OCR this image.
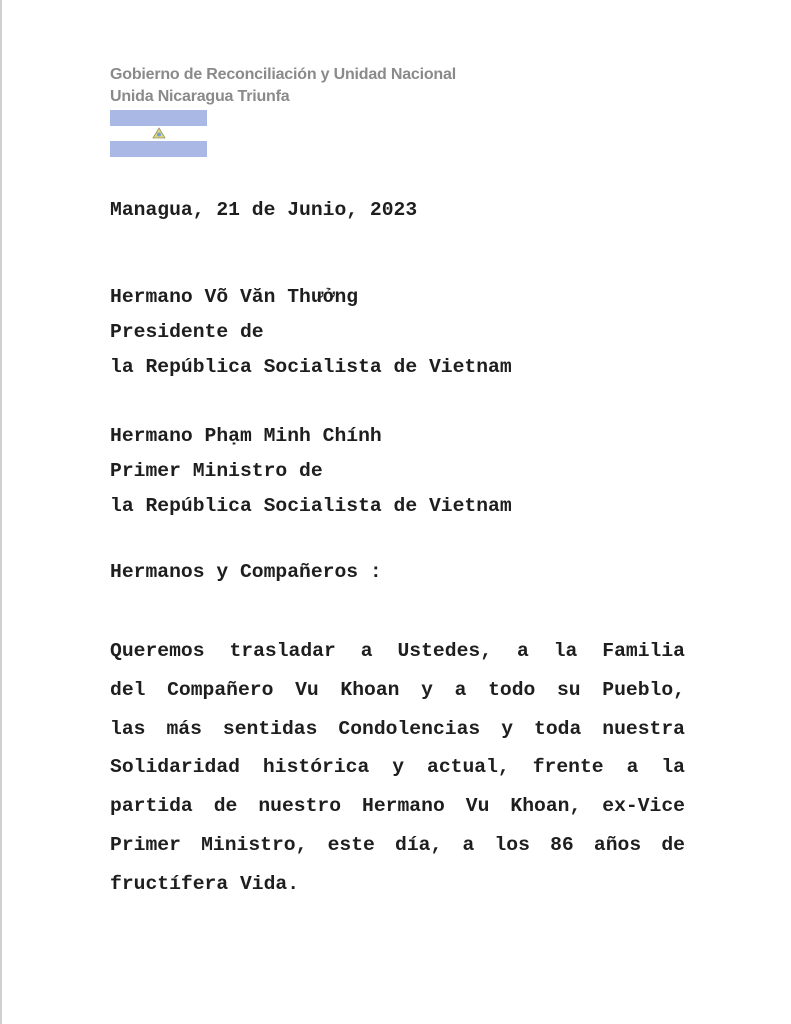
Gobierno de Reconciliación y Unidad Nacional
Unida Nicaragua Triunfa
Managua, 21 de Junio, 2023
Hermano Võ Văn Thưởng
Presidente de
la República Socialista de Vietnam
Hermano Phạm Minh Chính
Primer Ministro de
la República Socialista de Vietnam
Hermanos y Compañeros :
Queremos trasladar a Ustedes, a la Familia
del Compañero Vu Khoan y a todo su Pueblo,
las más sentidas Condolencias y toda nuestra
Solidaridad histórica y actual, frente a la
partida de nuestro Hermano Vu Khoan, ex-Vice
Primer Ministro, este día, a los 86 años de
fructífera Vida.
